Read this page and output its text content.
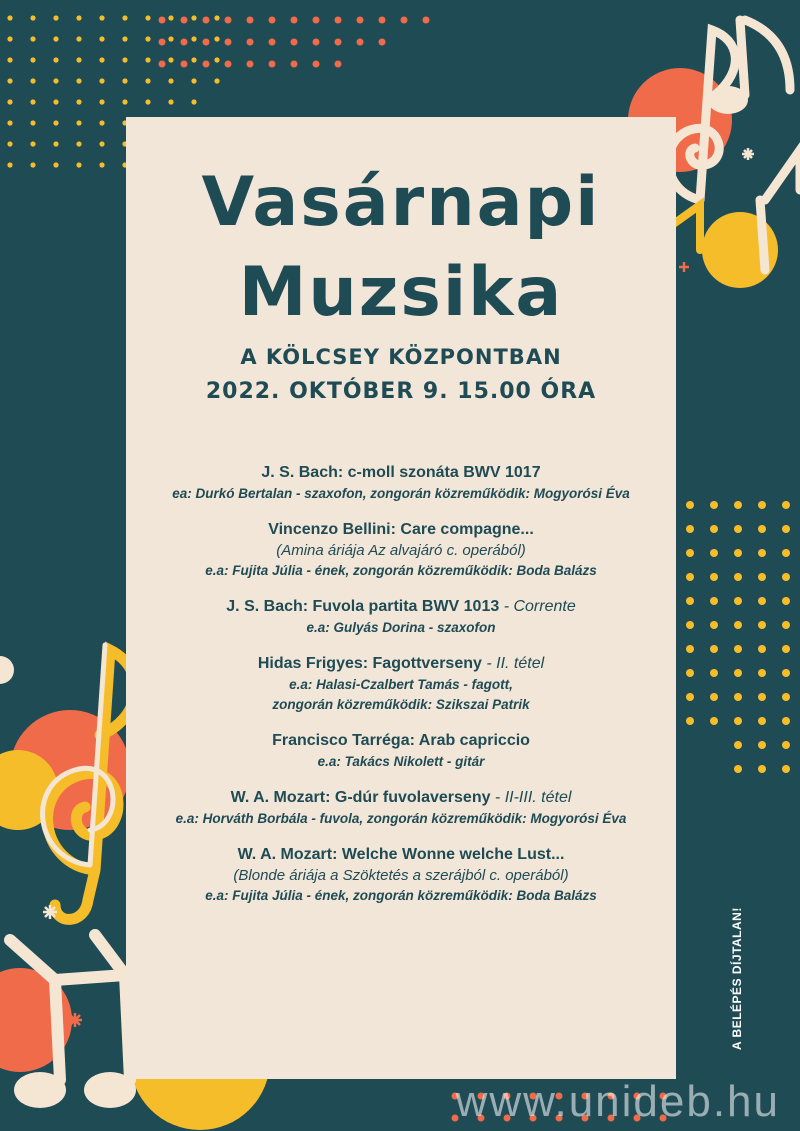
Vasárnapi
Muzsika
A KÖLCSEY KÖZPONTBAN
2022. OKTÓBER 9. 15.00 ÓRA
J. S. Bach: c-moll szonáta BWV 1017
ea: Durkó Bertalan - szaxofon, zongorán közreműködik: Mogyorósi Éva
Vincenzo Bellini: Care compagne...
(Amina áriája Az alvajáró c. operából)
e.a: Fujita Júlia - ének, zongorán közreműködik: Boda Balázs
J. S. Bach: Fuvola partita BWV 1013 - Corrente
e.a: Gulyás Dorina - szaxofon
Hidas Frigyes: Fagottverseny - II. tétel
e.a: Halasi-Czalbert Tamás - fagott,
zongorán közreműködik: Szikszai Patrik
Francisco Tarréga: Arab capriccio
e.a: Takács Nikolett - gitár
W. A. Mozart: G-dúr fuvolaverseny - II-III. tétel
e.a: Horváth Borbála - fuvola, zongorán közreműködik: Mogyorósi Éva
W. A. Mozart: Welche Wonne welche Lust...
(Blonde áriája a Szöktetés a szerájból c. operából)
e.a: Fujita Júlia - ének, zongorán közreműködik: Boda Balázs
A BELÉPÉS DÍJTALAN!
www.unideb.hu
